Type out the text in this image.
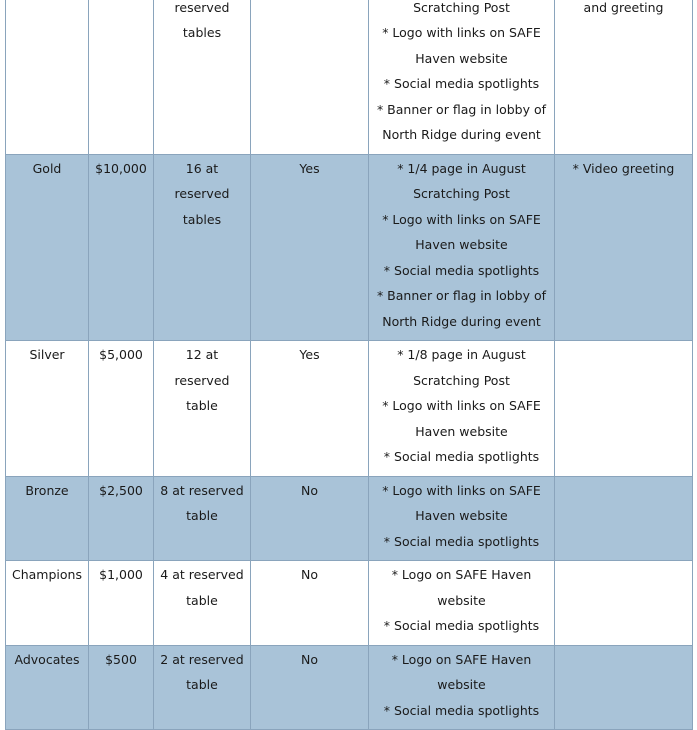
		reserved tables		Scratching Post
* Logo with links on SAFE Haven website
* Social media spotlights
* Banner or flag in lobby of North Ridge during event	and greeting

Gold	$10,000	16 at reserved tables	Yes	* 1/4 page in August Scratching Post
* Logo with links on SAFE Haven website
* Social media spotlights
* Banner or flag in lobby of North Ridge during event	* Video greeting

Silver	$5,000	12 at reserved table	Yes	* 1/8 page in August Scratching Post
* Logo with links on SAFE Haven website
* Social media spotlights	

Bronze	$2,500	8 at reserved table	No	* Logo with links on SAFE Haven website
* Social media spotlights	

Champions	$1,000	4 at reserved table	No	* Logo on SAFE Haven website
* Social media spotlights	

Advocates	$500	2 at reserved table	No	* Logo on SAFE Haven website
* Social media spotlights	
